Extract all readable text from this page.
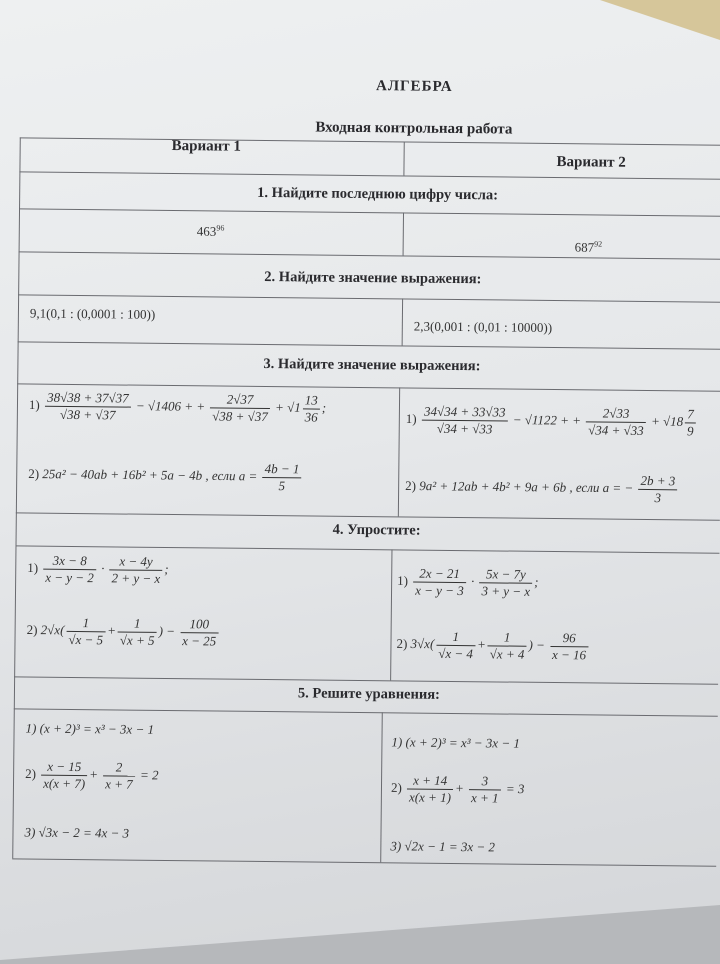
АЛГЕБРА
Входная контрольная работа
Вариант 1
Вариант 2
1. Найдите последнюю цифру числа:
$463^{96}$
$687^{92}$
2. Найдите значение выражения:
9,1(0,1 : (0,0001 : 100))
2,3(0,001 : (0,01 : 10000))
3. Найдите значение выражения:
$1) \frac{38√38 + 37√37}{√38 + √37} - √1406$ + + $\frac{2√37}{√38 + √37} + √1 \frac{13}{36}$ ;
2) 25a² − 40ab + 16b² + 5a − 4b , если $a = \frac{4b - 1}{5}$
$1) \frac{34√34 + 33√33}{√34 + √33} - √1122$ + + $\frac{2√33}{√34 + √33} + √18 \frac{7}{9}$
2) 9a² + 12ab + 4b² + 9a + 6b , если a = − $\frac{2b + 3}{3}$
4. Упростите:
$1) \frac{3x - 8}{x - y - 2} \cdot \frac{x - 4y}{2 + y - x}$ ;
2) $2√x( \frac{1}{√x - 5} + \frac{1}{√x + 5}$ ) − $\frac{100}{x - 25}$
$1) \frac{2x - 21}{x - y - 3} \cdot \frac{5x - 7y}{3 + y - x}$ ;
2) $3√x( \frac{1}{√x - 4} + \frac{1}{√x + 4}$ ) − $\frac{96}{x - 16}$
5. Решите уравнения:
1) (x + 2)³ = x³ − 3x − 1
$2) \frac{x - 15}{x(x + 7)} + \frac{2}{x + 7} = 2$
3) √3x − 2 = 4x − 3
1) (x + 2)³ = x³ − 3x − 1
$2) \frac{x + 14}{x(x + 1)} + \frac{3}{x + 1} = 3$
3) √2x − 1 = 3x − 2
